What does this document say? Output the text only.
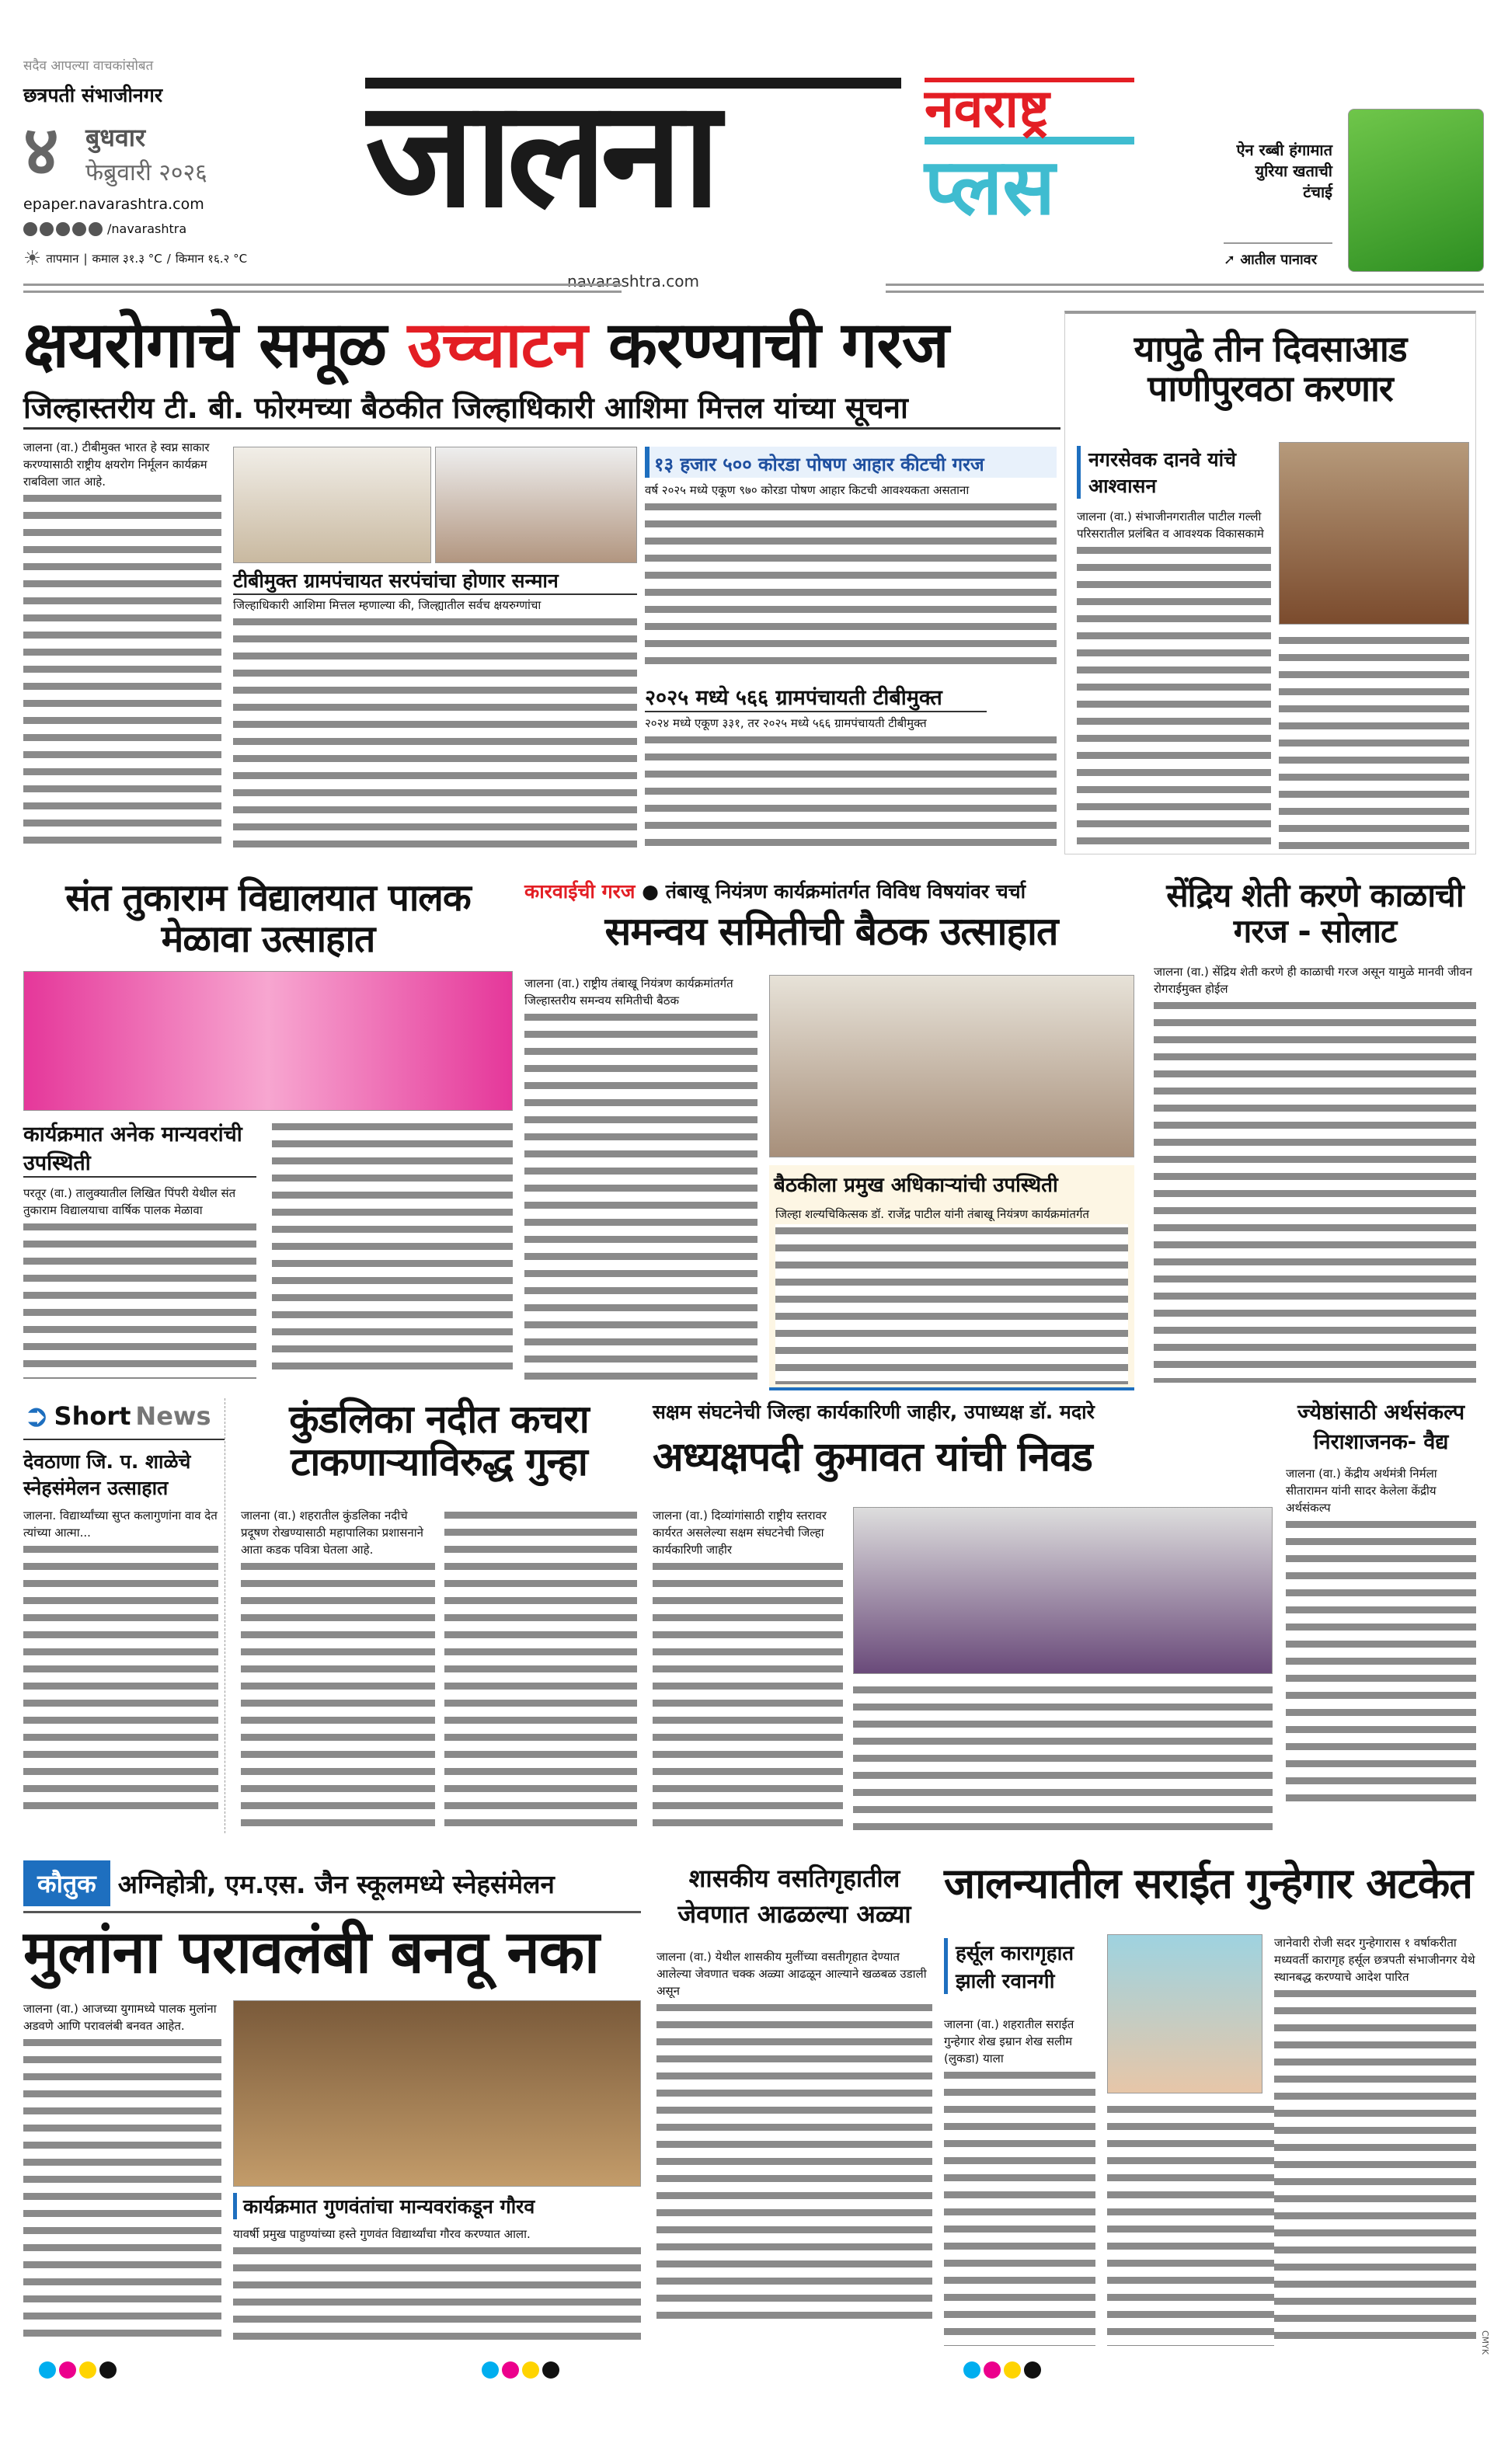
सदैव आपल्या वाचकांसोबत
छत्रपती संभाजीनगर
४ बुधवार
फेब्रुवारी २०२६
epaper.navarashtra.com
/navarashtra
☀ तापमान | कमाल ३१.३ °C / किमान १६.२ °C
जालना	नवराष्ट्र
प्लस
navarashtra.com
ऐन रब्बी हंगामात युरिया खताची टंचाई
➚ आतील पानावर
क्षयरोगाचे समूळ उच्चाटन करण्याची गरज
जिल्हास्तरीय टी. बी. फोरमच्या बैठकीत जिल्हाधिकारी आशिमा मित्तल यांच्या सूचना
जालना (वा.) टीबीमुक्त भारत हे स्वप्न साकार करण्यासाठी राष्ट्रीय क्षयरोग निर्मूलन कार्यक्रम राबविला जात आहे.
१३ हजार ५०० कोरडा पोषण आहार कीटची गरज
वर्ष २०२५ मध्ये एकूण ९७० कोरडा पोषण आहार किटची आवश्यकता असताना
टीबीमुक्त ग्रामपंचायत सरपंचांचा होणार सन्मान
जिल्हाधिकारी आशिमा मित्तल म्हणाल्या की, जिल्ह्यातील सर्वच क्षयरुग्णांचा
२०२५ मध्ये ५६६ ग्रामपंचायती टीबीमुक्त
२०२४ मध्ये एकूण ३३१, तर २०२५ मध्ये ५६६ ग्रामपंचायती टीबीमुक्त
यापुढे तीन दिवसाआड पाणीपुरवठा करणार
नगरसेवक दानवे यांचे आश्वासन
जालना (वा.) संभाजीनगरातील पाटील गल्ली परिसरातील प्रलंबित व आवश्यक विकासकामे
संत तुकाराम विद्यालयात पालक मेळावा उत्साहात
कार्यक्रमात अनेक मान्यवरांची उपस्थिती
परतूर (वा.) तालुक्यातील लिखित पिंपरी येथील संत तुकाराम विद्यालयाचा वार्षिक पालक मेळावा
कारवाईची गरज ● तंबाखू नियंत्रण कार्यक्रमांतर्गत विविध विषयांवर चर्चा
समन्वय समितीची बैठक उत्साहात
जालना (वा.) राष्ट्रीय तंबाखू नियंत्रण कार्यक्रमांतर्गत जिल्हास्तरीय समन्वय समितीची बैठक
बैठकीला प्रमुख अधिकाऱ्यांची उपस्थिती
जिल्हा शल्यचिकित्सक डॉ. राजेंद्र पाटील यांनी तंबाखू नियंत्रण कार्यक्रमांतर्गत
सेंद्रिय शेती करणे काळाची गरज - सोलाट
जालना (वा.) सेंद्रिय शेती करणे ही काळाची गरज असून यामुळे मानवी जीवन रोगराईमुक्त होईल
➲ Short News
देवठाणा जि. प. शाळेचे स्नेहसंमेलन उत्साहात
जालना. विद्यार्थ्यांच्या सुप्त कलागुणांना वाव देत त्यांच्या आत्मा...
कुंडलिका नदीत कचरा टाकणाऱ्याविरुद्ध गुन्हा
जालना (वा.) शहरातील कुंडलिका नदीचे प्रदूषण रोखण्यासाठी महापालिका प्रशासनाने आता कडक पवित्रा घेतला आहे.
सक्षम संघटनेची जिल्हा कार्यकारिणी जाहीर, उपाध्यक्ष डॉ. मदारे
अध्यक्षपदी कुमावत यांची निवड
जालना (वा.) दिव्यांगांसाठी राष्ट्रीय स्तरावर कार्यरत असलेल्या सक्षम संघटनेची जिल्हा कार्यकारिणी जाहीर
ज्येष्ठांसाठी अर्थसंकल्प निराशाजनक- वैद्य
जालना (वा.) केंद्रीय अर्थमंत्री निर्मला सीतारामन यांनी सादर केलेला केंद्रीय अर्थसंकल्प
कौतुक अग्निहोत्री, एम.एस. जैन स्कूलमध्ये स्नेहसंमेलन
मुलांना परावलंबी बनवू नका
जालना (वा.) आजच्या युगामध्ये पालक मुलांना अडवणे आणि परावलंबी बनवत आहेत.
कार्यक्रमात गुणवंतांचा मान्यवरांकडून गौरव
यावर्षी प्रमुख पाहुण्यांच्या हस्ते गुणवंत विद्यार्थ्यांचा गौरव करण्यात आला.
शासकीय वसतिगृहातील जेवणात आढळल्या अळ्या
जालना (वा.) येथील शासकीय मुलींच्या वसतीगृहात देण्यात आलेल्या जेवणात चक्क अळ्या आढळून आल्याने खळबळ उडाली असून
जालन्यातील सराईत गुन्हेगार अटकेत
हर्सूल कारागृहात झाली रवानगी
जालना (वा.) शहरातील सराईत गुन्हेगार शेख इम्रान शेख सलीम (लुकडा) याला
जानेवारी रोजी सदर गुन्हेगारास १ वर्षाकरीता मध्यवर्ती कारागृह हर्सूल छत्रपती संभाजीनगर येथे स्थानबद्ध करण्याचे आदेश पारित
CMYK
